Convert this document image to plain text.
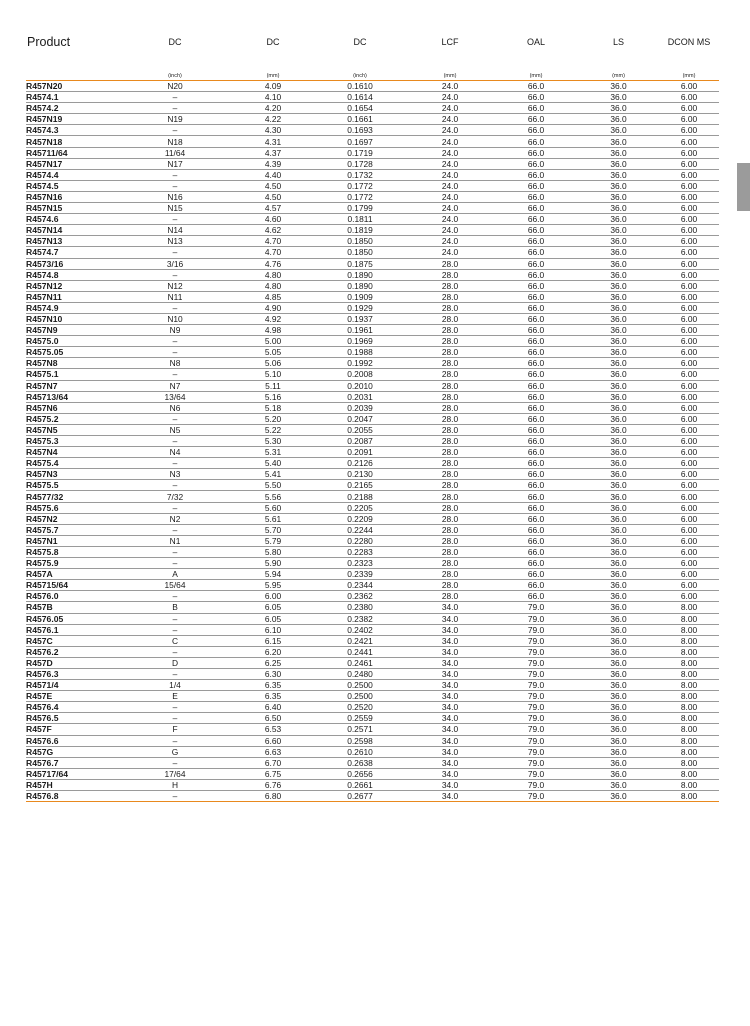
Product	DC	DC	DC	LCF	OAL	LS	DCON MS
	(inch)	(mm)	(inch)	(mm)	(mm)	(mm)	(mm)
R457N20	N20	4.09	0.1610	24.0	66.0	36.0	6.00
R4574.1	–	4.10	0.1614	24.0	66.0	36.0	6.00
R4574.2	–	4.20	0.1654	24.0	66.0	36.0	6.00
R457N19	N19	4.22	0.1661	24.0	66.0	36.0	6.00
R4574.3	–	4.30	0.1693	24.0	66.0	36.0	6.00
R457N18	N18	4.31	0.1697	24.0	66.0	36.0	6.00
R45711/64	11/64	4.37	0.1719	24.0	66.0	36.0	6.00
R457N17	N17	4.39	0.1728	24.0	66.0	36.0	6.00
R4574.4	–	4.40	0.1732	24.0	66.0	36.0	6.00
R4574.5	–	4.50	0.1772	24.0	66.0	36.0	6.00
R457N16	N16	4.50	0.1772	24.0	66.0	36.0	6.00
R457N15	N15	4.57	0.1799	24.0	66.0	36.0	6.00
R4574.6	–	4.60	0.1811	24.0	66.0	36.0	6.00
R457N14	N14	4.62	0.1819	24.0	66.0	36.0	6.00
R457N13	N13	4.70	0.1850	24.0	66.0	36.0	6.00
R4574.7	–	4.70	0.1850	24.0	66.0	36.0	6.00
R4573/16	3/16	4.76	0.1875	28.0	66.0	36.0	6.00
R4574.8	–	4.80	0.1890	28.0	66.0	36.0	6.00
R457N12	N12	4.80	0.1890	28.0	66.0	36.0	6.00
R457N11	N11	4.85	0.1909	28.0	66.0	36.0	6.00
R4574.9	–	4.90	0.1929	28.0	66.0	36.0	6.00
R457N10	N10	4.92	0.1937	28.0	66.0	36.0	6.00
R457N9	N9	4.98	0.1961	28.0	66.0	36.0	6.00
R4575.0	–	5.00	0.1969	28.0	66.0	36.0	6.00
R4575.05	–	5.05	0.1988	28.0	66.0	36.0	6.00
R457N8	N8	5.06	0.1992	28.0	66.0	36.0	6.00
R4575.1	–	5.10	0.2008	28.0	66.0	36.0	6.00
R457N7	N7	5.11	0.2010	28.0	66.0	36.0	6.00
R45713/64	13/64	5.16	0.2031	28.0	66.0	36.0	6.00
R457N6	N6	5.18	0.2039	28.0	66.0	36.0	6.00
R4575.2	–	5.20	0.2047	28.0	66.0	36.0	6.00
R457N5	N5	5.22	0.2055	28.0	66.0	36.0	6.00
R4575.3	–	5.30	0.2087	28.0	66.0	36.0	6.00
R457N4	N4	5.31	0.2091	28.0	66.0	36.0	6.00
R4575.4	–	5.40	0.2126	28.0	66.0	36.0	6.00
R457N3	N3	5.41	0.2130	28.0	66.0	36.0	6.00
R4575.5	–	5.50	0.2165	28.0	66.0	36.0	6.00
R4577/32	7/32	5.56	0.2188	28.0	66.0	36.0	6.00
R4575.6	–	5.60	0.2205	28.0	66.0	36.0	6.00
R457N2	N2	5.61	0.2209	28.0	66.0	36.0	6.00
R4575.7	–	5.70	0.2244	28.0	66.0	36.0	6.00
R457N1	N1	5.79	0.2280	28.0	66.0	36.0	6.00
R4575.8	–	5.80	0.2283	28.0	66.0	36.0	6.00
R4575.9	–	5.90	0.2323	28.0	66.0	36.0	6.00
R457A	A	5.94	0.2339	28.0	66.0	36.0	6.00
R45715/64	15/64	5.95	0.2344	28.0	66.0	36.0	6.00
R4576.0	–	6.00	0.2362	28.0	66.0	36.0	6.00
R457B	B	6.05	0.2380	34.0	79.0	36.0	8.00
R4576.05	–	6.05	0.2382	34.0	79.0	36.0	8.00
R4576.1	–	6.10	0.2402	34.0	79.0	36.0	8.00
R457C	C	6.15	0.2421	34.0	79.0	36.0	8.00
R4576.2	–	6.20	0.2441	34.0	79.0	36.0	8.00
R457D	D	6.25	0.2461	34.0	79.0	36.0	8.00
R4576.3	–	6.30	0.2480	34.0	79.0	36.0	8.00
R4571/4	1/4	6.35	0.2500	34.0	79.0	36.0	8.00
R457E	E	6.35	0.2500	34.0	79.0	36.0	8.00
R4576.4	–	6.40	0.2520	34.0	79.0	36.0	8.00
R4576.5	–	6.50	0.2559	34.0	79.0	36.0	8.00
R457F	F	6.53	0.2571	34.0	79.0	36.0	8.00
R4576.6	–	6.60	0.2598	34.0	79.0	36.0	8.00
R457G	G	6.63	0.2610	34.0	79.0	36.0	8.00
R4576.7	–	6.70	0.2638	34.0	79.0	36.0	8.00
R45717/64	17/64	6.75	0.2656	34.0	79.0	36.0	8.00
R457H	H	6.76	0.2661	34.0	79.0	36.0	8.00
R4576.8	–	6.80	0.2677	34.0	79.0	36.0	8.00
